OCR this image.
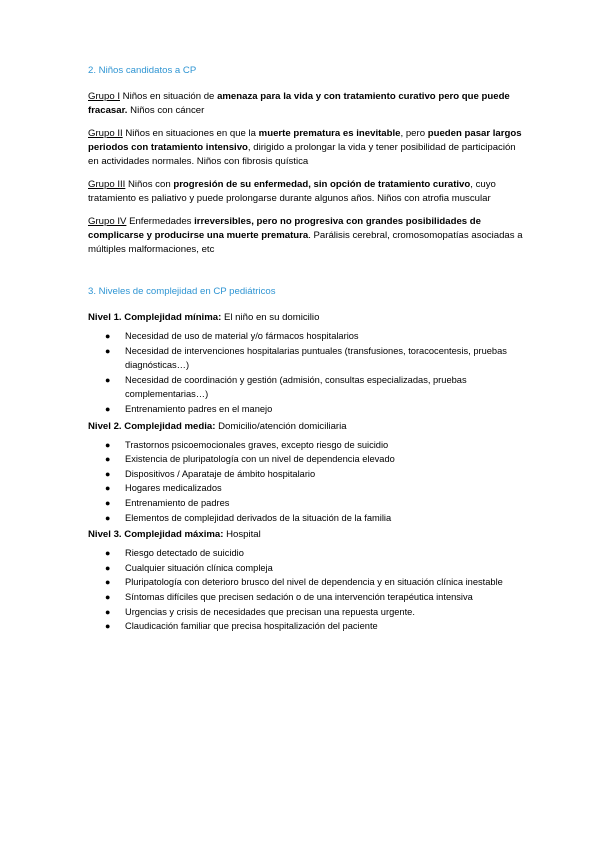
2. Niños candidatos a CP

Grupo I Niños en situación de amenaza para la vida y con tratamiento curativo pero que puede fracasar. Niños con cáncer

Grupo II Niños en situaciones en que la muerte prematura es inevitable, pero pueden pasar largos periodos con tratamiento intensivo, dirigido a prolongar la vida y tener posibilidad de participación en actividades normales. Niños con fibrosis quística

Grupo III Niños con progresión de su enfermedad, sin opción de tratamiento curativo, cuyo tratamiento es paliativo y puede prolongarse durante algunos años. Niños con atrofia muscular

Grupo IV Enfermedades irreversibles, pero no progresiva con grandes posibilidades de complicarse y producirse una muerte prematura. Parálisis cerebral, cromosomopatías asociadas a múltiples malformaciones, etc

3. Niveles de complejidad en CP pediátricos
Nivel 1. Complejidad mínima: El niño en su domicilio
● Necesidad de uso de material y/o fármacos hospitalarios
● Necesidad de intervenciones hospitalarias puntuales (transfusiones, toracocentesis, pruebas diagnósticas…)
● Necesidad de coordinación y gestión (admisión, consultas especializadas, pruebas complementarias…)
● Entrenamiento padres en el manejo
Nivel 2. Complejidad media: Domicilio/atención domiciliaria
● Trastornos psicoemocionales graves, excepto riesgo de suicidio
● Existencia de pluripatología con un nivel de dependencia elevado
● Dispositivos / Aparataje de ámbito hospitalario
● Hogares medicalizados
● Entrenamiento de padres
● Elementos de complejidad derivados de la situación de la familia
Nivel 3. Complejidad máxima: Hospital
● Riesgo detectado de suicidio
● Cualquier situación clínica compleja
● Pluripatología con deterioro brusco del nivel de dependencia y en situación clínica inestable
● Síntomas difíciles que precisen sedación o de una intervención terapéutica intensiva
● Urgencias y crisis de necesidades que precisan una repuesta urgente.
● Claudicación familiar que precisa hospitalización del paciente
